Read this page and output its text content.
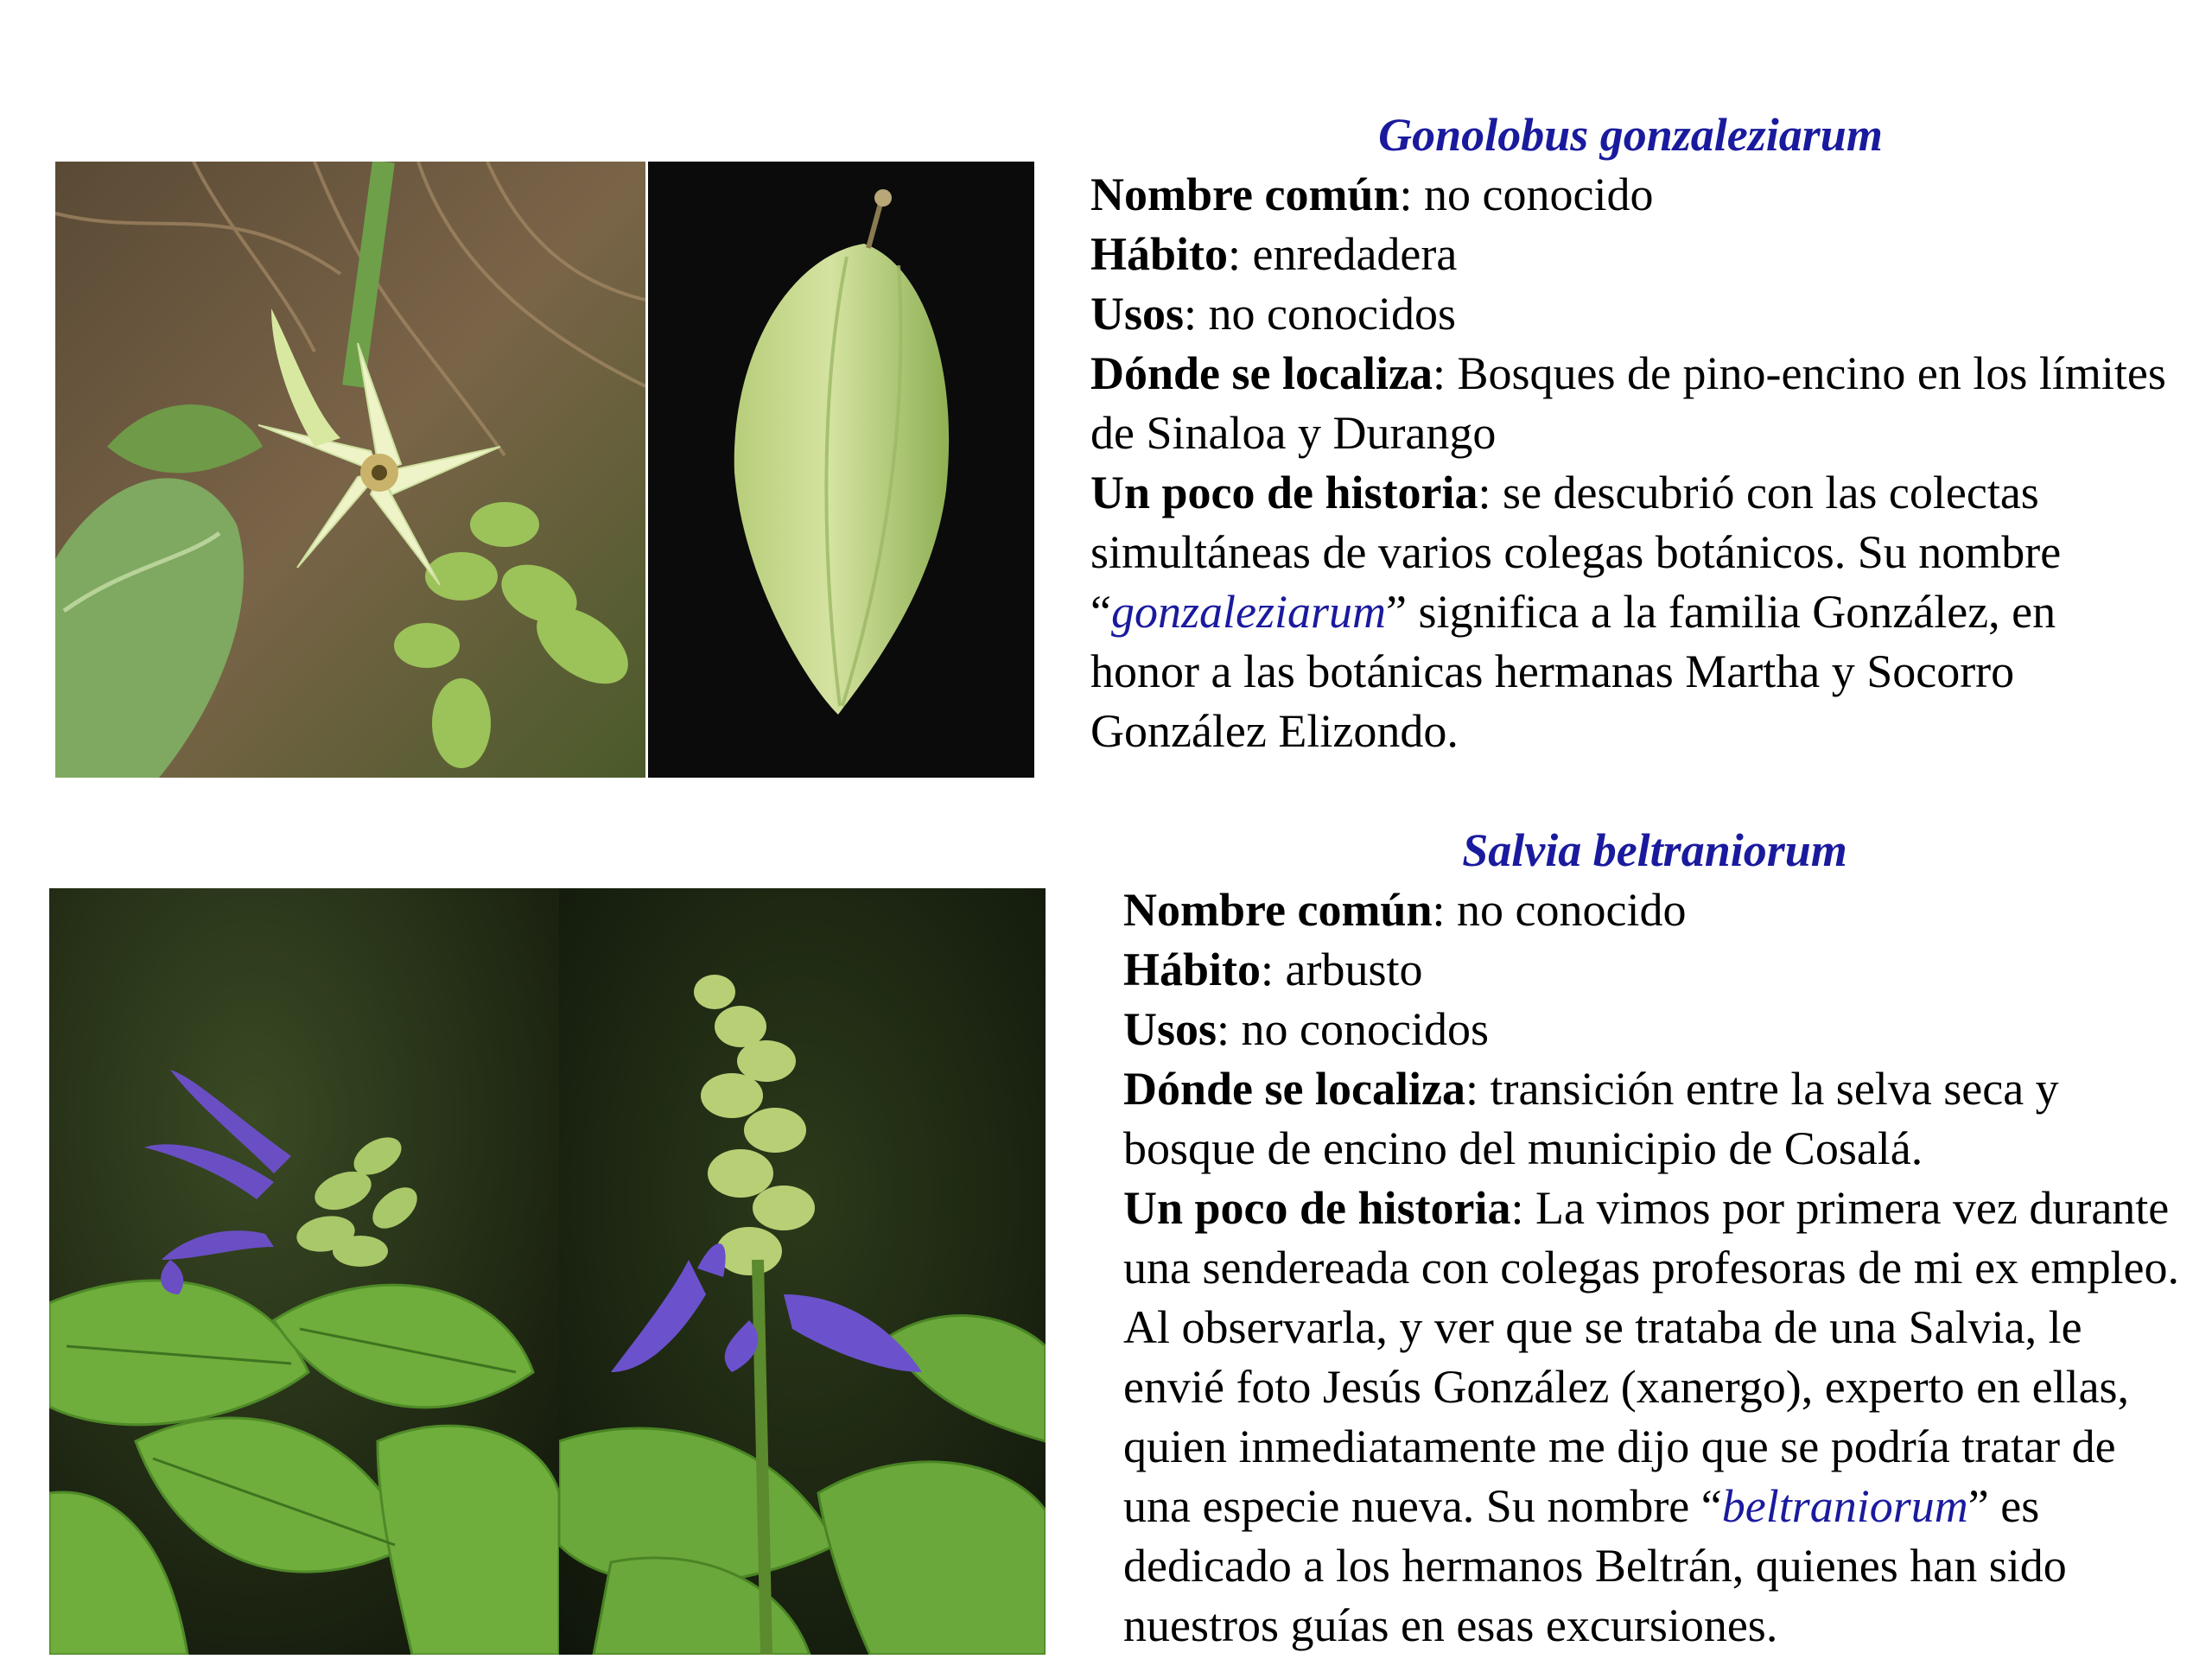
Gonolobus gonzaleziarum

Nombre común: no conocido
Hábito: enredadera
Usos: no conocidos
Dónde se localiza: Bosques de pino-encino en los límites de Sinaloa y Durango
Un poco de historia: se descubrió con las colectas simultáneas de varios colegas botánicos. Su nombre “gonzaleziarum” significa a la familia González, en honor a las botánicas hermanas Martha y Socorro González Elizondo.

Salvia beltraniorum

Nombre común: no conocido
Hábito: arbusto
Usos: no conocidos
Dónde se localiza: transición entre la selva seca y bosque de encino del municipio de Cosalá.
Un poco de historia: La vimos por primera vez durante una sendereada con colegas profesoras de mi ex empleo. Al observarla, y ver que se trataba de una Salvia, le envié foto Jesús González (xanergo), experto en ellas, quien inmediatamente me dijo que se podría tratar de una especie nueva. Su nombre “beltraniorum” es dedicado a los hermanos Beltrán, quienes han sido nuestros guías en esas excursiones.
